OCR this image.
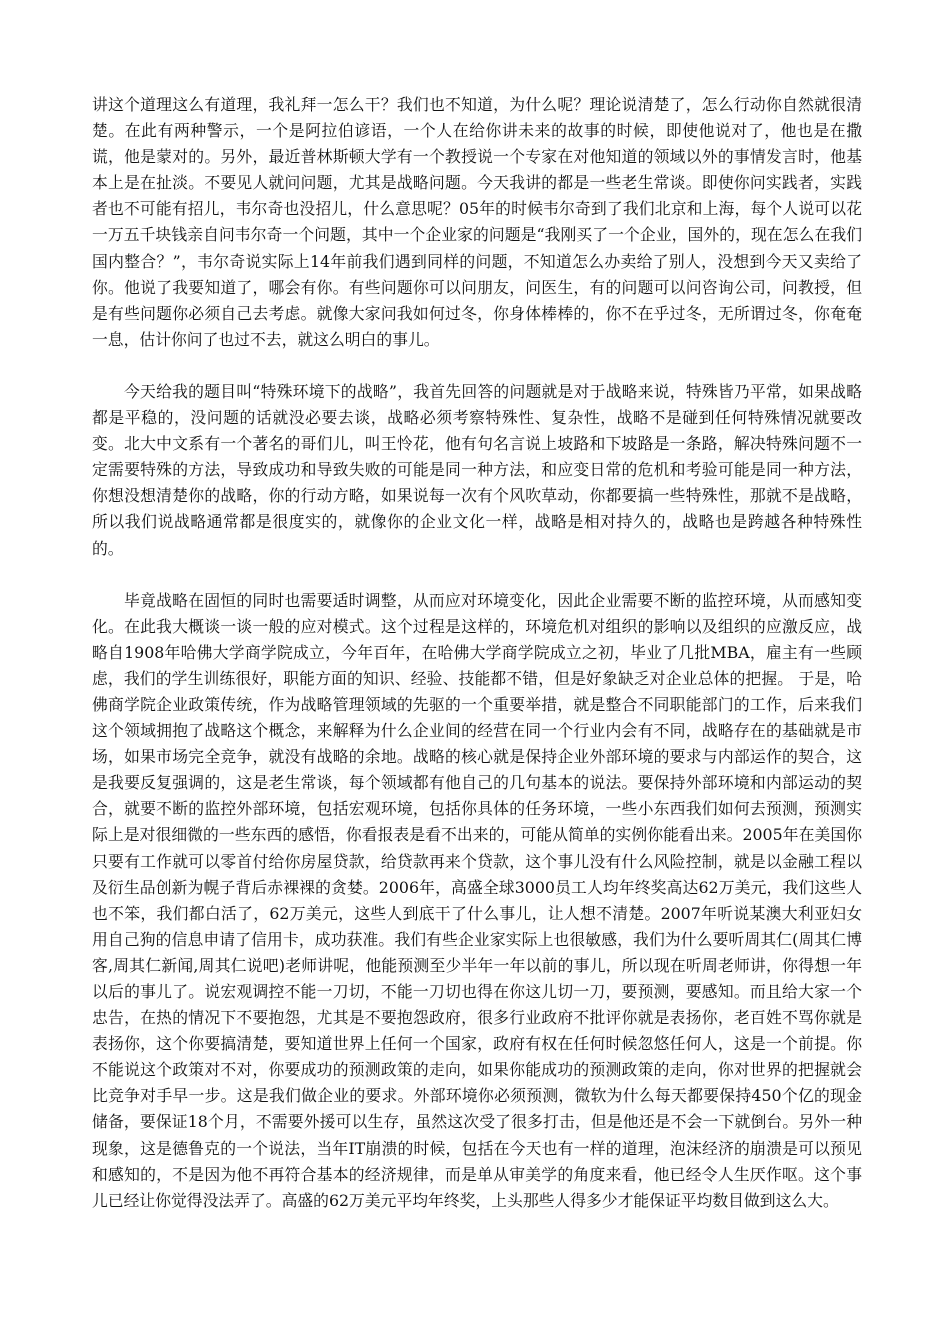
讲这个道理这么有道理，我礼拜一怎么干？我们也不知道，为什么呢？理论说清楚了，怎么行动你自然就很清楚。在此有两种警示，一个是阿拉伯谚语，一个人在给你讲未来的故事的时候，即使他说对了，他也是在撒谎，他是蒙对的。另外，最近普林斯顿大学有一个教授说一个专家在对他知道的领域以外的事情发言时，他基本上是在扯淡。不要见人就问问题，尤其是战略问题。今天我讲的都是一些老生常谈。即使你问实践者，实践者也不可能有招儿，韦尔奇也没招儿，什么意思呢？05年的时候韦尔奇到了我们北京和上海，每个人说可以花一万五千块钱亲自问韦尔奇一个问题，其中一个企业家的问题是“我刚买了一个企业，国外的，现在怎么在我们国内整合？”，韦尔奇说实际上14年前我们遇到同样的问题，不知道怎么办卖给了别人，没想到今天又卖给了你。他说了我要知道了，哪会有你。有些问题你可以问朋友，问医生，有的问题可以问咨询公司，问教授，但是有些问题你必须自己去考虑。就像大家问我如何过冬，你身体棒棒的，你不在乎过冬，无所谓过冬，你奄奄一息，估计你问了也过不去，就这么明白的事儿。

今天给我的题目叫“特殊环境下的战略”，我首先回答的问题就是对于战略来说，特殊皆乃平常，如果战略都是平稳的，没问题的话就没必要去谈，战略必须考察特殊性、复杂性，战略不是碰到任何特殊情况就要改变。北大中文系有一个著名的哥们儿，叫王怜花，他有句名言说上坡路和下坡路是一条路，解决特殊问题不一定需要特殊的方法，导致成功和导致失败的可能是同一种方法，和应变日常的危机和考验可能是同一种方法，你想没想清楚你的战略，你的行动方略，如果说每一次有个风吹草动，你都要搞一些特殊性，那就不是战略，所以我们说战略通常都是很度实的，就像你的企业文化一样，战略是相对持久的，战略也是跨越各种特殊性的。

毕竟战略在固恒的同时也需要适时调整，从而应对环境变化，因此企业需要不断的监控环境，从而感知变化。在此我大概谈一谈一般的应对模式。这个过程是这样的，环境危机对组织的影响以及组织的应激反应，战略自1908年哈佛大学商学院成立，今年百年，在哈佛大学商学院成立之初，毕业了几批MBA，雇主有一些顾虑，我们的学生训练很好，职能方面的知识、经验、技能都不错，但是好象缺乏对企业总体的把握。 于是，哈佛商学院企业政策传统，作为战略管理领域的先驱的一个重要举措，就是整合不同职能部门的工作，后来我们这个领域拥抱了战略这个概念，来解释为什么企业间的经营在同一个行业内会有不同，战略存在的基础就是市场，如果市场完全竞争，就没有战略的余地。战略的核心就是保持企业外部环境的要求与内部运作的契合，这是我要反复强调的，这是老生常谈，每个领域都有他自己的几句基本的说法。要保持外部环境和内部运动的契合，就要不断的监控外部环境，包括宏观环境，包括你具体的任务环境，一些小东西我们如何去预测，预测实际上是对很细微的一些东西的感悟，你看报表是看不出来的，可能从简单的实例你能看出来。2005年在美国你只要有工作就可以零首付给你房屋贷款，给贷款再来个贷款，这个事儿没有什么风险控制，就是以金融工程以及衍生品创新为幌子背后赤裸裸的贪婪。2006年，高盛全球3000员工人均年终奖高达62万美元，我们这些人也不笨，我们都白活了，62万美元，这些人到底干了什么事儿，让人想不清楚。2007年听说某澳大利亚妇女用自己狗的信息申请了信用卡，成功获准。我们有些企业家实际上也很敏感，我们为什么要听周其仁(周其仁博客,周其仁新闻,周其仁说吧)老师讲呢，他能预测至少半年一年以前的事儿，所以现在听周老师讲，你得想一年以后的事儿了。说宏观调控不能一刀切，不能一刀切也得在你这儿切一刀，要预测，要感知。而且给大家一个忠告，在热的情况下不要抱怨，尤其是不要抱怨政府，很多行业政府不批评你就是表扬你，老百姓不骂你就是表扬你，这个你要搞清楚，要知道世界上任何一个国家，政府有权在任何时候忽悠任何人，这是一个前提。你不能说这个政策对不对，你要成功的预测政策的走向，如果你能成功的预测政策的走向，你对世界的把握就会比竞争对手早一步。这是我们做企业的要求。外部环境你必须预测，微软为什么每天都要保持450个亿的现金储备，要保证18个月，不需要外援可以生存，虽然这次受了很多打击，但是他还是不会一下就倒台。另外一种现象，这是德鲁克的一个说法，当年IT崩溃的时候，包括在今天也有一样的道理，泡沫经济的崩溃是可以预见和感知的，不是因为他不再符合基本的经济规律，而是单从审美学的角度来看，他已经令人生厌作呕。这个事儿已经让你觉得没法弄了。高盛的62万美元平均年终奖，上头那些人得多少才能保证平均数目做到这么大。
